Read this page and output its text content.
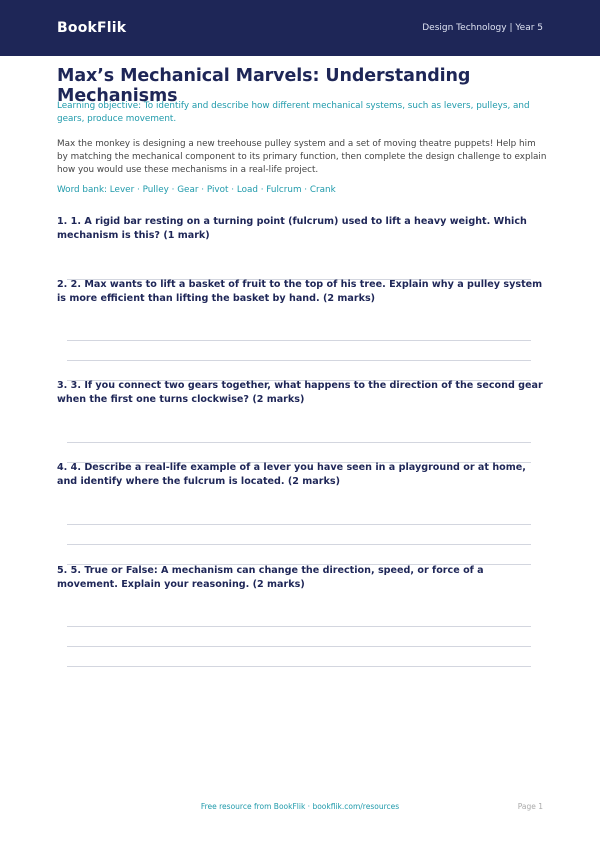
BookFlik	Design Technology | Year 5
Max’s Mechanical Marvels: Understanding Mechanisms
Learning objective: To identify and describe how different mechanical systems, such as levers, pulleys, and gears, produce movement.
Max the monkey is designing a new treehouse pulley system and a set of moving theatre puppets! Help him by matching the mechanical component to its primary function, then complete the design challenge to explain how you would use these mechanisms in a real-life project.
Word bank: Lever · Pulley · Gear · Pivot · Load · Fulcrum · Crank
1. 1. A rigid bar resting on a turning point (fulcrum) used to lift a heavy weight. Which mechanism is this? (1 mark)
2. 2. Max wants to lift a basket of fruit to the top of his tree. Explain why a pulley system is more efficient than lifting the basket by hand. (2 marks)
3. 3. If you connect two gears together, what happens to the direction of the second gear when the first one turns clockwise? (2 marks)
4. 4. Describe a real-life example of a lever you have seen in a playground or at home, and identify where the fulcrum is located. (2 marks)
5. 5. True or False: A mechanism can change the direction, speed, or force of a movement. Explain your reasoning. (2 marks)
Free resource from BookFlik · bookflik.com/resources	Page 1
